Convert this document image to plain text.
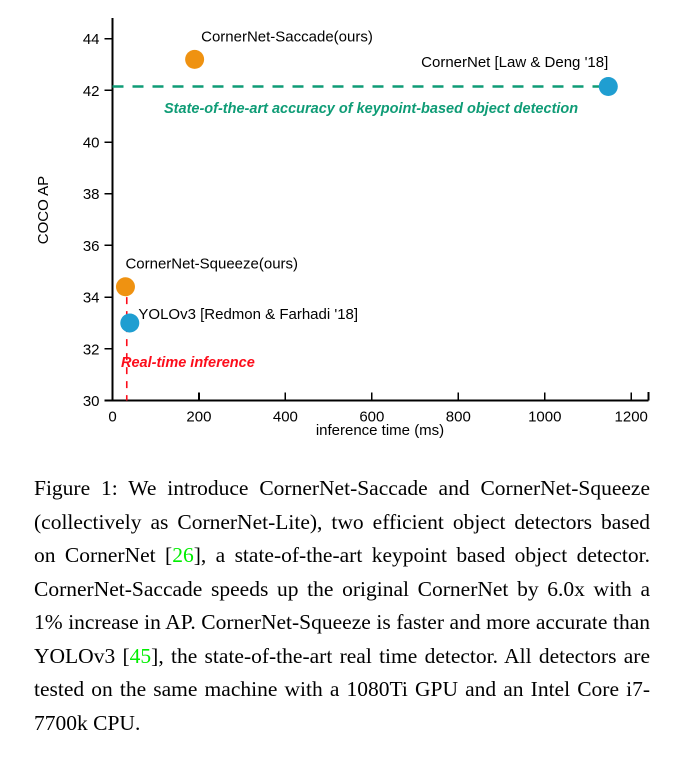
30
32
34
36
38
40
42
44
0	200	400	600	800	1000	1200
CornerNet-Saccade(ours)
CornerNet [Law & Deng '18]
CornerNet-Squeeze(ours)
YOLOv3 [Redmon & Farhadi '18]
State-of-the-art accuracy of keypoint-based object detection
Real-time inference
inference time (ms)
COCO AP
Figure 1: We introduce CornerNet-Saccade and CornerNet-Squeeze (collectively as CornerNet-Lite), two efficient object detectors based on CornerNet [26], a state-of-the-art keypoint based object detector. CornerNet-Saccade speeds up the original CornerNet by 6.0x with a 1% increase in AP. CornerNet-Squeeze is faster and more accurate than YOLOv3 [45], the state-of-the-art real time detector. All detectors are tested on the same machine with a 1080Ti GPU and an Intel Core i7-7700k CPU.
